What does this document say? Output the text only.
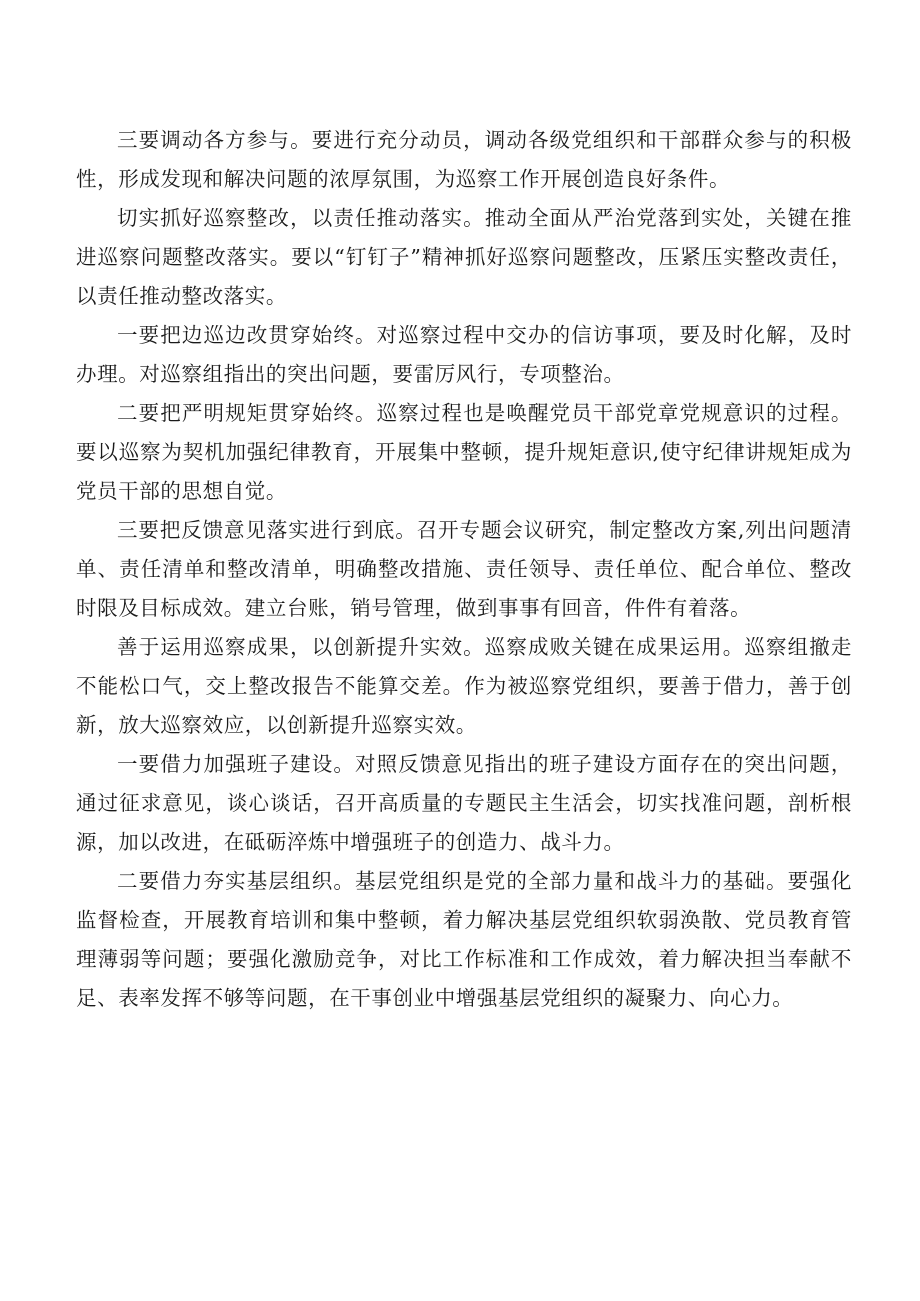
三要调动各方参与。要进行充分动员，调动各级党组织和干部群众参与的积极性，形成发现和解决问题的浓厚氛围，为巡察工作开展创造良好条件。

切实抓好巡察整改，以责任推动落实。推动全面从严治党落到实处，关键在推进巡察问题整改落实。要以“钉钉子”精神抓好巡察问题整改，压紧压实整改责任，以责任推动整改落实。

一要把边巡边改贯穿始终。对巡察过程中交办的信访事项，要及时化解，及时办理。对巡察组指出的突出问题，要雷厉风行，专项整治。

二要把严明规矩贯穿始终。巡察过程也是唤醒党员干部党章党规意识的过程。要以巡察为契机加强纪律教育，开展集中整顿，提升规矩意识,使守纪律讲规矩成为党员干部的思想自觉。

三要把反馈意见落实进行到底。召开专题会议研究，制定整改方案,列出问题清单、责任清单和整改清单，明确整改措施、责任领导、责任单位、配合单位、整改时限及目标成效。建立台账，销号管理，做到事事有回音，件件有着落。

善于运用巡察成果，以创新提升实效。巡察成败关键在成果运用。巡察组撤走不能松口气，交上整改报告不能算交差。作为被巡察党组织，要善于借力，善于创新，放大巡察效应，以创新提升巡察实效。

一要借力加强班子建设。对照反馈意见指出的班子建设方面存在的突出问题，通过征求意见，谈心谈话，召开高质量的专题民主生活会，切实找准问题，剖析根源，加以改进，在砥砺淬炼中增强班子的创造力、战斗力。

二要借力夯实基层组织。基层党组织是党的全部力量和战斗力的基础。要强化监督检查，开展教育培训和集中整顿，着力解决基层党组织软弱涣散、党员教育管理薄弱等问题；要强化激励竞争，对比工作标准和工作成效，着力解决担当奉献不足、表率发挥不够等问题，在干事创业中增强基层党组织的凝聚力、向心力。
